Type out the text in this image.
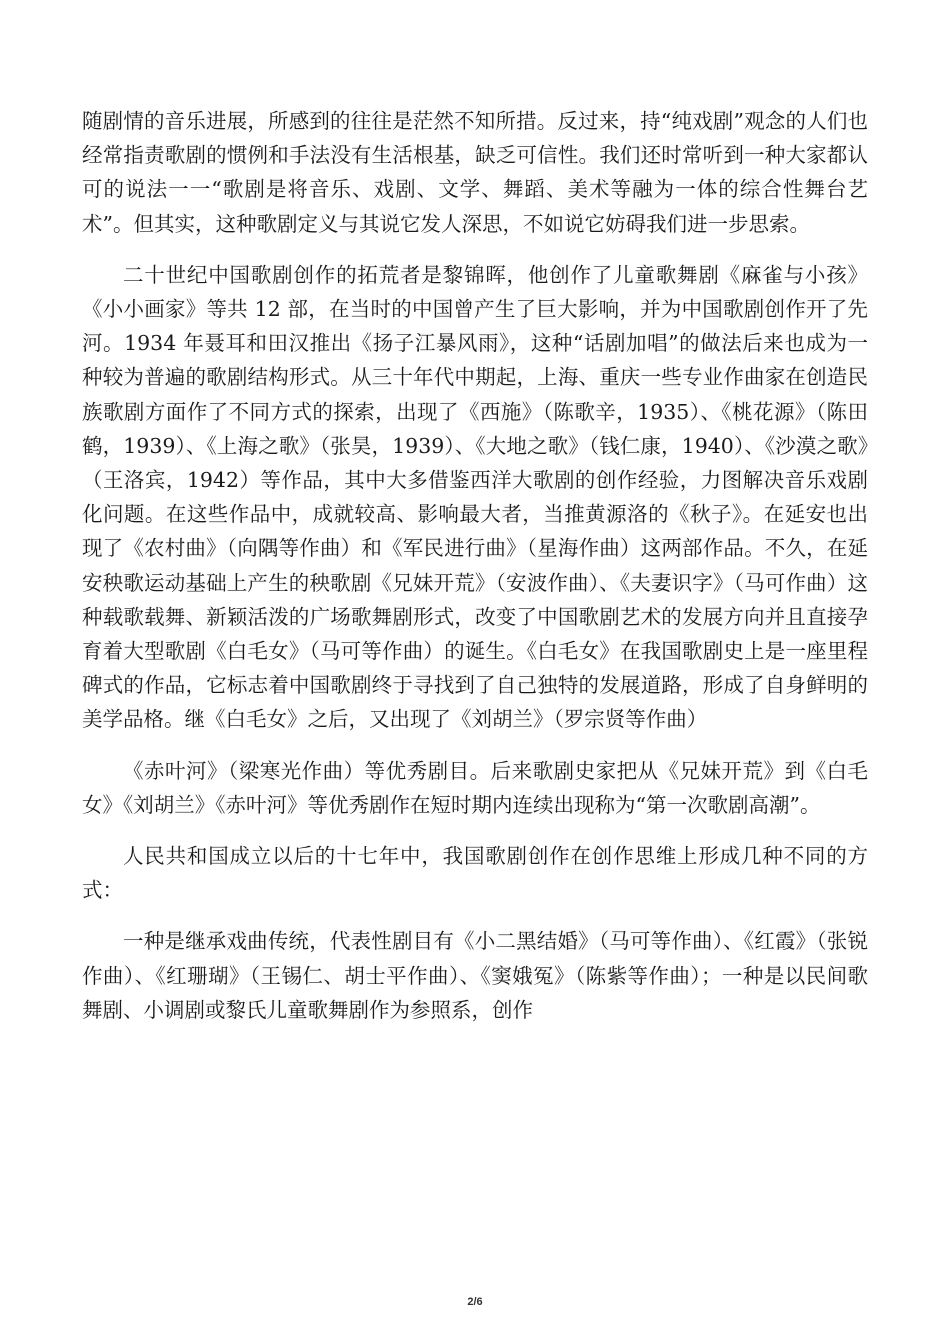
随剧情的音乐进展，所感到的往往是茫然不知所措。反过来，持“纯戏剧”观念的人们也经常指责歌剧的惯例和手法没有生活根基，缺乏可信性。我们还时常听到一种大家都认可的说法一一“歌剧是将音乐、戏剧、文学、舞蹈、美术等融为一体的综合性舞台艺术”。但其实，这种歌剧定义与其说它发人深思，不如说它妨碍我们进一步思索。

二十世纪中国歌剧创作的拓荒者是黎锦晖，他创作了儿童歌舞剧《麻雀与小孩》《小小画家》等共 12 部，在当时的中国曾产生了巨大影响，并为中国歌剧创作开了先河。1934 年聂耳和田汉推出《扬子江暴风雨》，这种“话剧加唱”的做法后来也成为一种较为普遍的歌剧结构形式。从三十年代中期起，上海、重庆一些专业作曲家在创造民族歌剧方面作了不同方式的探索，出现了《西施》（陈歌辛，1935）、《桃花源》（陈田鹤，1939）、《上海之歌》（张昊，1939）、《大地之歌》（钱仁康，1940）、《沙漠之歌》（王洛宾，1942）等作品，其中大多借鉴西洋大歌剧的创作经验，力图解决音乐戏剧化问题。在这些作品中，成就较高、影响最大者，当推黄源洛的《秋子》。在延安也出现了《农村曲》（向隅等作曲）和《军民进行曲》（星海作曲）这两部作品。不久，在延安秧歌运动基础上产生的秧歌剧《兄妹开荒》（安波作曲）、《夫妻识字》（马可作曲）这种载歌载舞、新颖活泼的广场歌舞剧形式，改变了中国歌剧艺术的发展方向并且直接孕育着大型歌剧《白毛女》（马可等作曲）的诞生。《白毛女》在我国歌剧史上是一座里程碑式的作品，它标志着中国歌剧终于寻找到了自己独特的发展道路，形成了自身鲜明的美学品格。继《白毛女》之后，又出现了《刘胡兰》（罗宗贤等作曲）

《赤叶河》（梁寒光作曲）等优秀剧目。后来歌剧史家把从《兄妹开荒》到《白毛女》《刘胡兰》《赤叶河》等优秀剧作在短时期内连续出现称为“第一次歌剧高潮”。

人民共和国成立以后的十七年中，我国歌剧创作在创作思维上形成几种不同的方式：

一种是继承戏曲传统，代表性剧目有《小二黑结婚》（马可等作曲）、《红霞》（张锐作曲）、《红珊瑚》（王锡仁、胡士平作曲）、《窦娥冤》（陈紫等作曲）；一种是以民间歌舞剧、小调剧或黎氏儿童歌舞剧作为参照系，创作

2/6
